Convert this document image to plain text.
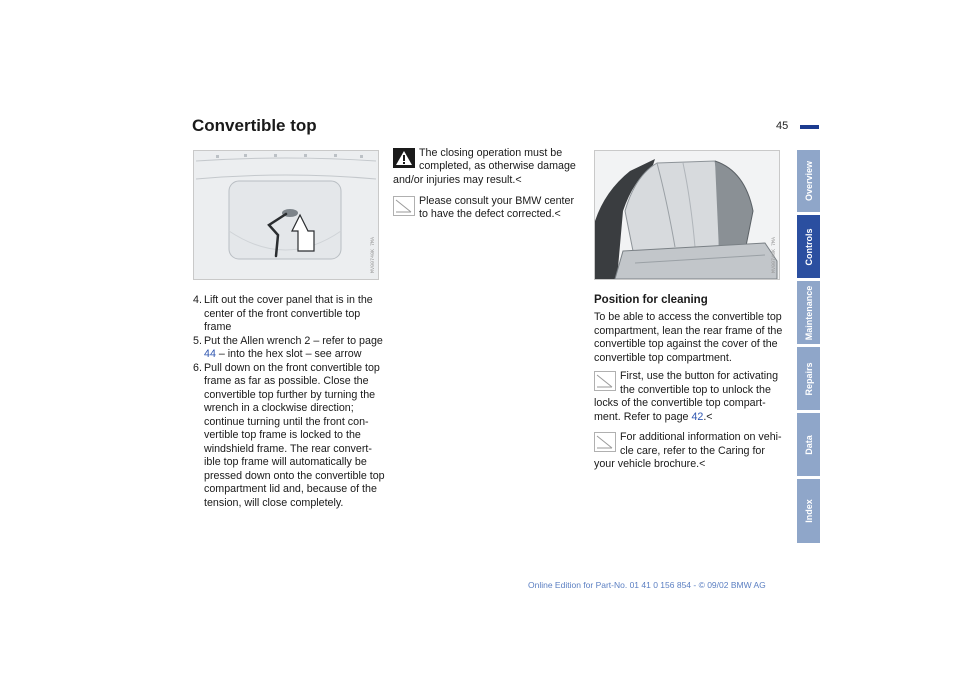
Convertible top	45
MV00740K 7MA	MV00740K 7MA
4. Lift out the cover panel that is in the center of the front convertible top frame
5. Put the Allen wrench 2 – refer to page 44 – into the hex slot – see arrow
6. Pull down on the front convertible top frame as far as possible. Close the convertible top further by turning the wrench in a clockwise direction; continue turning until the front con-vertible top frame is locked to the windshield frame. The rear convert-ible top frame will automatically be pressed down onto the convertible top compartment lid and, because of the tension, will close completely.
The closing operation must be
completed, as otherwise damage and/or injuries may result.<
Please consult your BMW center
to have the defect corrected.<
Position for cleaning
To be able to access the convertible top compartment, lean the rear frame of the convertible top against the cover of the convertible top compartment.
First, use the button for activating
the convertible top to unlock the locks of the convertible top compart-ment. Refer to page 42.<
For additional information on vehi-
cle care, refer to the Caring for your vehicle brochure.<
Overview
Controls
Maintenance
Repairs
Data
Index
Online Edition for Part-No. 01 41 0 156 854 - © 09/02 BMW AG
